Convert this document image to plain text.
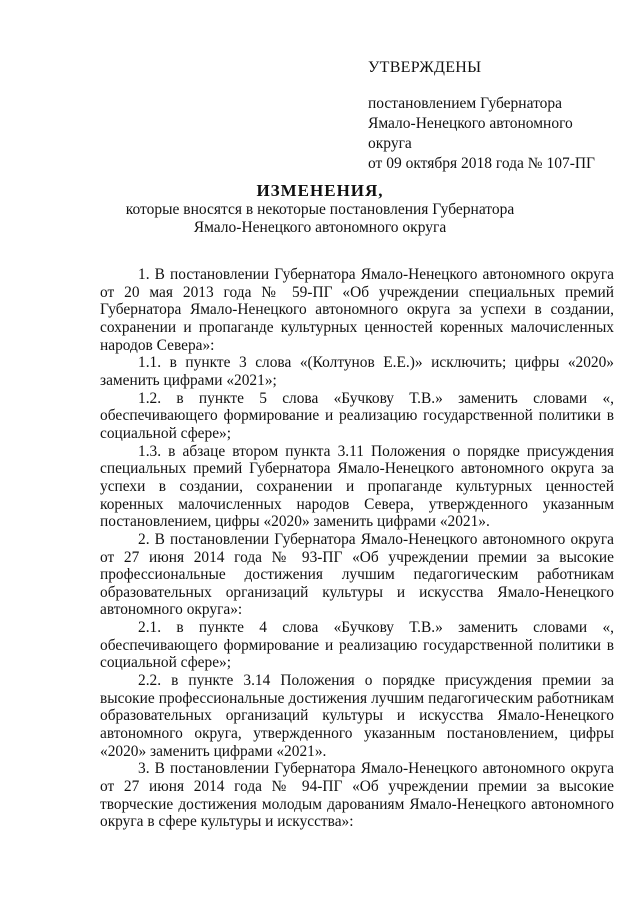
УТВЕРЖДЕНЫ
постановлением Губернатора
Ямало-Ненецкого автономного округа
от 09 октября 2018 года № 107-ПГ
ИЗМЕНЕНИЯ,
которые вносятся в некоторые постановления Губернатора
Ямало-Ненецкого автономного округа

1. В постановлении Губернатора Ямало-Ненецкого автономного округа от 20 мая 2013 года № 59-ПГ «Об учреждении специальных премий Губернатора Ямало-Ненецкого автономного округа за успехи в создании, сохранении и пропаганде культурных ценностей коренных малочисленных народов Севера»:

1.1. в пункте 3 слова «(Колтунов Е.Е.)» исключить; цифры «2020» заменить цифрами «2021»;

1.2. в пункте 5 слова «Бучкову Т.В.» заменить словами «, обеспечивающего формирование и реализацию государственной политики в социальной сфере»;

1.3. в абзаце втором пункта 3.11 Положения о порядке присуждения специальных премий Губернатора Ямало-Ненецкого автономного округа за успехи в создании, сохранении и пропаганде культурных ценностей коренных малочисленных народов Севера, утвержденного указанным постановлением, цифры «2020» заменить цифрами «2021».

2. В постановлении Губернатора Ямало-Ненецкого автономного округа от 27 июня 2014 года № 93-ПГ «Об учреждении премии за высокие профессиональные достижения лучшим педагогическим работникам образовательных организаций культуры и искусства Ямало-Ненецкого автономного округа»:

2.1. в пункте 4 слова «Бучкову Т.В.» заменить словами «, обеспечивающего формирование и реализацию государственной политики в социальной сфере»;

2.2. в пункте 3.14 Положения о порядке присуждения премии за высокие профессиональные достижения лучшим педагогическим работникам образовательных организаций культуры и искусства Ямало-Ненецкого автономного округа, утвержденного указанным постановлением, цифры «2020» заменить цифрами «2021».

3. В постановлении Губернатора Ямало-Ненецкого автономного округа от 27 июня 2014 года № 94-ПГ «Об учреждении премии за высокие творческие достижения молодым дарованиям Ямало-Ненецкого автономного округа в сфере культуры и искусства»:
